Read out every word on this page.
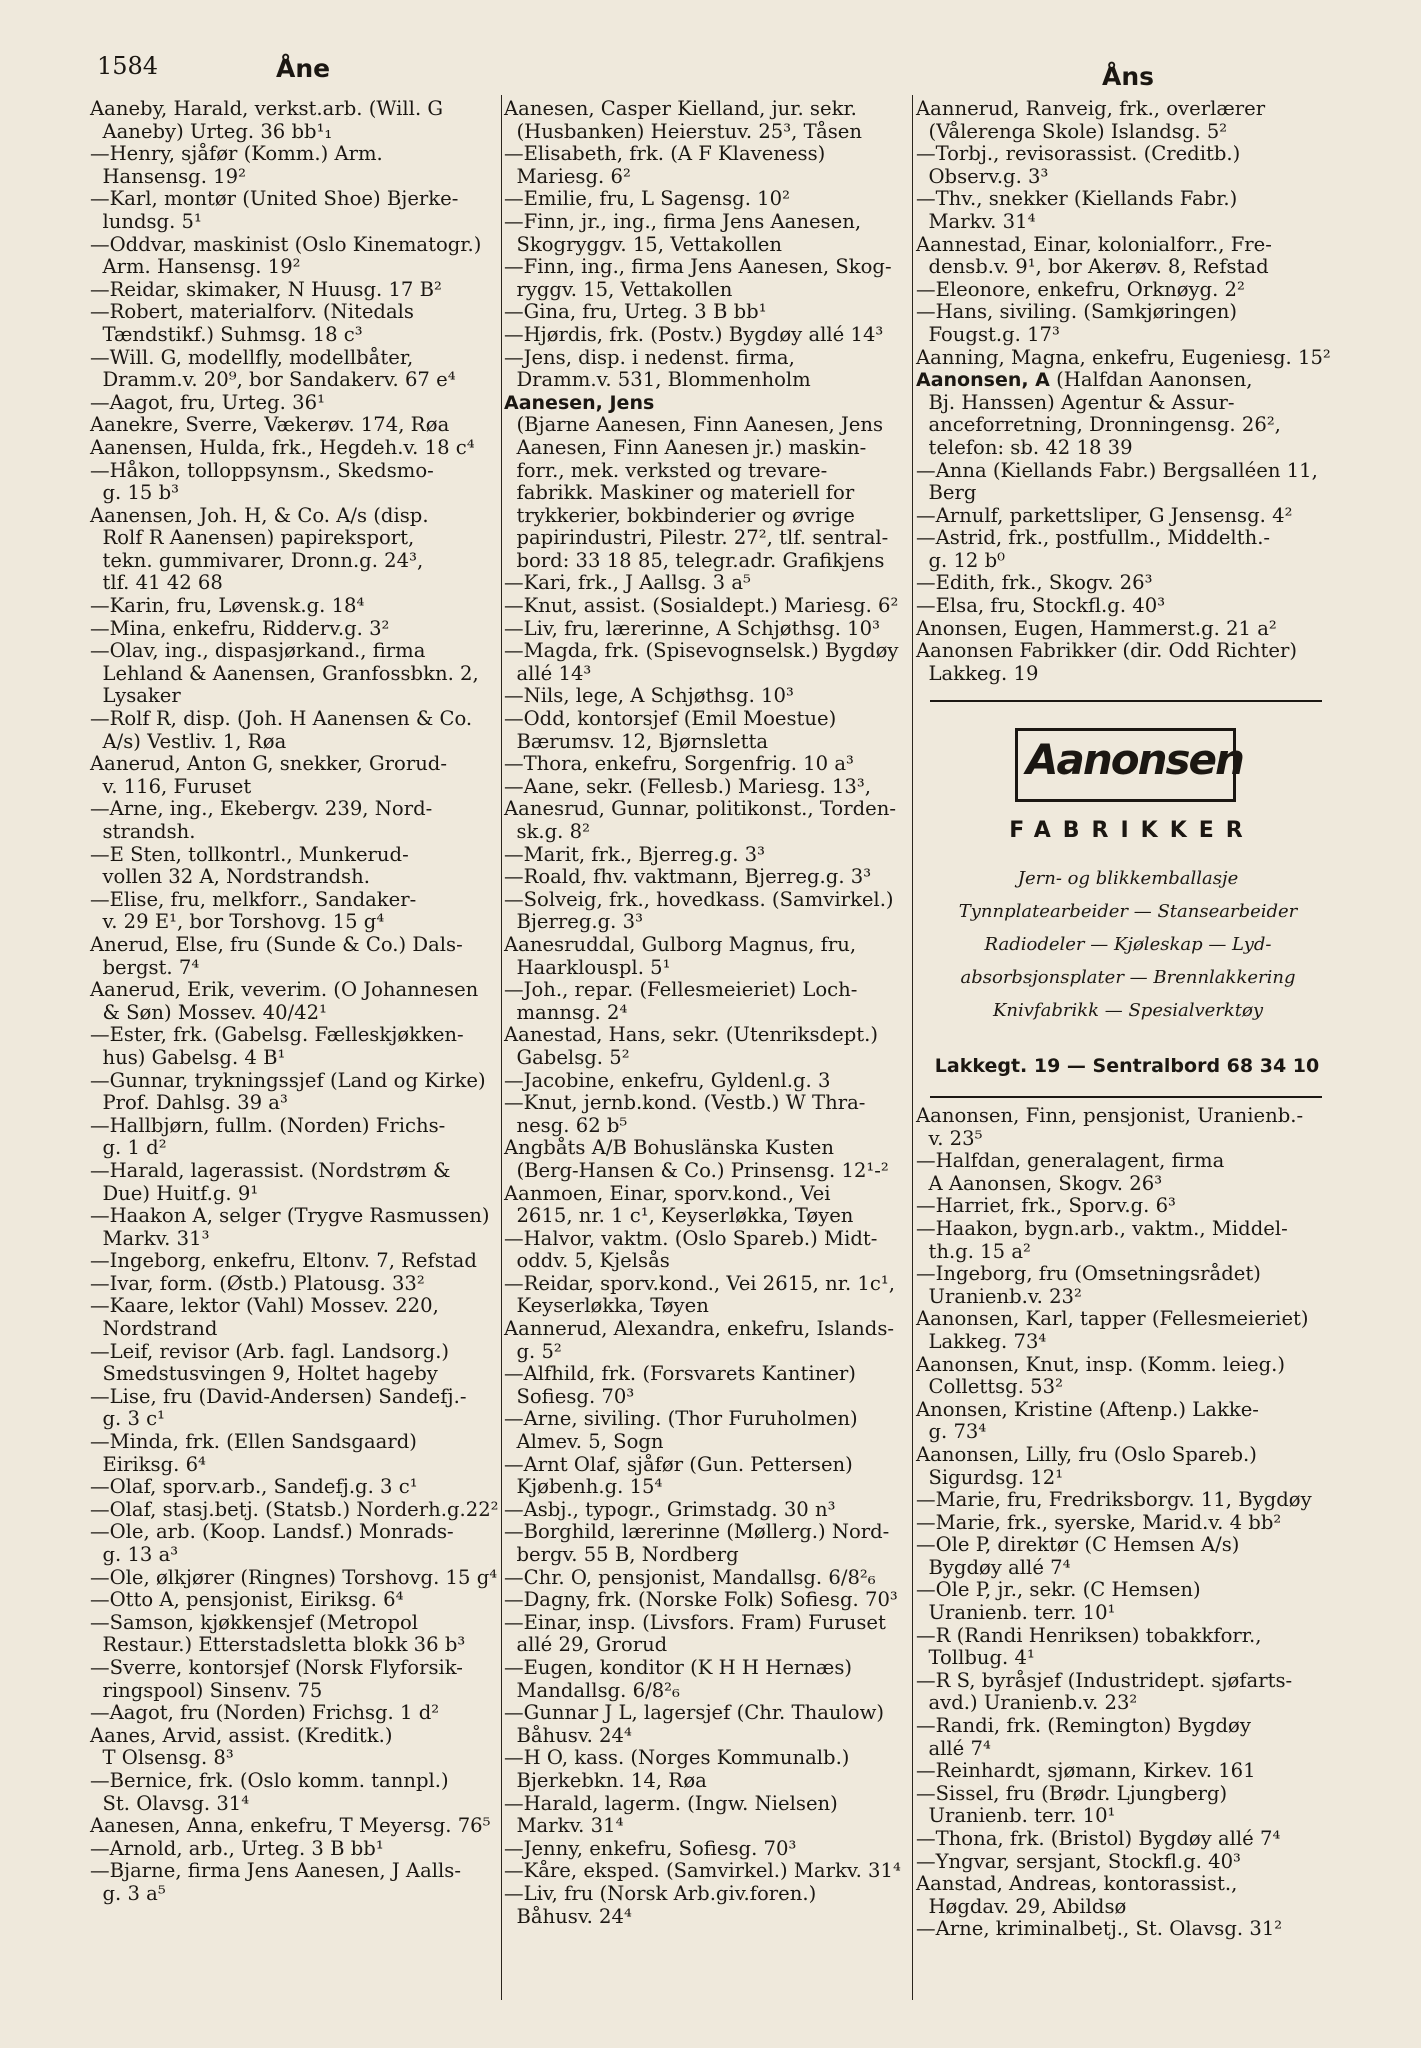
1584	Åne	Åns
Aaneby, Harald, verkst.arb. (Will. G
Aaneby) Urteg. 36 bb¹₁
—Henry, sjåfør (Komm.) Arm.
Hansensg. 19²
—Karl, montør (United Shoe) Bjerke-
lundsg. 5¹
—Oddvar, maskinist (Oslo Kinematogr.)
Arm. Hansensg. 19²
—Reidar, skimaker, N Huusg. 17 B²
—Robert, materialforv. (Nitedals
Tændstikf.) Suhmsg. 18 c³
—Will. G, modellfly, modellbåter,
Dramm.v. 20⁹, bor Sandakerv. 67 e⁴
—Aagot, fru, Urteg. 36¹
Aanekre, Sverre, Vækerøv. 174, Røa
Aanensen, Hulda, frk., Hegdeh.v. 18 c⁴
—Håkon, tolloppsynsm., Skedsmo-
g. 15 b³
Aanensen, Joh. H, & Co. A/s (disp.
Rolf R Aanensen) papireksport,
tekn. gummivarer, Dronn.g. 24³,
tlf. 41 42 68
—Karin, fru, Løvensk.g. 18⁴
—Mina, enkefru, Ridderv.g. 3²
—Olav, ing., dispasjørkand., firma
Lehland & Aanensen, Granfossbkn. 2,
Lysaker
—Rolf R, disp. (Joh. H Aanensen & Co.
A/s) Vestliv. 1, Røa
Aanerud, Anton G, snekker, Grorud-
v. 116, Furuset
—Arne, ing., Ekebergv. 239, Nord-
strandsh.
—E Sten, tollkontrl., Munkerud-
vollen 32 A, Nordstrandsh.
—Elise, fru, melkforr., Sandaker-
v. 29 E¹, bor Torshovg. 15 g⁴
Anerud, Else, fru (Sunde & Co.) Dals-
bergst. 7⁴
Aanerud, Erik, veverim. (O Johannesen
& Søn) Mossev. 40/42¹
—Ester, frk. (Gabelsg. Fælleskjøkken-
hus) Gabelsg. 4 B¹
—Gunnar, trykningssjef (Land og Kirke)
Prof. Dahlsg. 39 a³
—Hallbjørn, fullm. (Norden) Frichs-
g. 1 d²
—Harald, lagerassist. (Nordstrøm &
Due) Huitf.g. 9¹
—Haakon A, selger (Trygve Rasmussen)
Markv. 31³
—Ingeborg, enkefru, Eltonv. 7, Refstad
—Ivar, form. (Østb.) Platousg. 33²
—Kaare, lektor (Vahl) Mossev. 220,
Nordstrand
—Leif, revisor (Arb. fagl. Landsorg.)
Smedstusvingen 9, Holtet hageby
—Lise, fru (David-Andersen) Sandefj.-
g. 3 c¹
—Minda, frk. (Ellen Sandsgaard)
Eiriksg. 6⁴
—Olaf, sporv.arb., Sandefj.g. 3 c¹
—Olaf, stasj.betj. (Statsb.) Norderh.g.22²
—Ole, arb. (Koop. Landsf.) Monrads-
g. 13 a³
—Ole, ølkjører (Ringnes) Torshovg. 15 g⁴
—Otto A, pensjonist, Eiriksg. 6⁴
—Samson, kjøkkensjef (Metropol
Restaur.) Etterstadsletta blokk 36 b³
—Sverre, kontorsjef (Norsk Flyforsik-
ringspool) Sinsenv. 75
—Aagot, fru (Norden) Frichsg. 1 d²
Aanes, Arvid, assist. (Kreditk.)
T Olsensg. 8³
—Bernice, frk. (Oslo komm. tannpl.)
St. Olavsg. 31⁴
Aanesen, Anna, enkefru, T Meyersg. 76⁵
—Arnold, arb., Urteg. 3 B bb¹
—Bjarne, firma Jens Aanesen, J Aalls-
g. 3 a⁵
Aanesen, Casper Kielland, jur. sekr.
(Husbanken) Heierstuv. 25³, Tåsen
—Elisabeth, frk. (A F Klaveness)
Mariesg. 6²
—Emilie, fru, L Sagensg. 10²
—Finn, jr., ing., firma Jens Aanesen,
Skogryggv. 15, Vettakollen
—Finn, ing., firma Jens Aanesen, Skog-
ryggv. 15, Vettakollen
—Gina, fru, Urteg. 3 B bb¹
—Hjørdis, frk. (Postv.) Bygdøy allé 14³
—Jens, disp. i nedenst. firma,
Dramm.v. 531, Blommenholm
Aanesen, Jens
(Bjarne Aanesen, Finn Aanesen, Jens
Aanesen, Finn Aanesen jr.) maskin-
forr., mek. verksted og trevare-
fabrikk. Maskiner og materiell for
trykkerier, bokbinderier og øvrige
papirindustri, Pilestr. 27², tlf. sentral-
bord: 33 18 85, telegr.adr. Grafikjens
—Kari, frk., J Aallsg. 3 a⁵
—Knut, assist. (Sosialdept.) Mariesg. 6²
—Liv, fru, lærerinne, A Schjøthsg. 10³
—Magda, frk. (Spisevognselsk.) Bygdøy
allé 14³
—Nils, lege, A Schjøthsg. 10³
—Odd, kontorsjef (Emil Moestue)
Bærumsv. 12, Bjørnsletta
—Thora, enkefru, Sorgenfrig. 10 a³
—Aane, sekr. (Fellesb.) Mariesg. 13³,
Aanesrud, Gunnar, politikonst., Torden-
sk.g. 8²
—Marit, frk., Bjerreg.g. 3³
—Roald, fhv. vaktmann, Bjerreg.g. 3³
—Solveig, frk., hovedkass. (Samvirkel.)
Bjerreg.g. 3³
Aanesruddal, Gulborg Magnus, fru,
Haarklouspl. 5¹
—Joh., repar. (Fellesmeieriet) Loch-
mannsg. 2⁴
Aanestad, Hans, sekr. (Utenriksdept.)
Gabelsg. 5²
—Jacobine, enkefru, Gyldenl.g. 3
—Knut, jernb.kond. (Vestb.) W Thra-
nesg. 62 b⁵
Angbåts A/B Bohuslänska Kusten
(Berg-Hansen & Co.) Prinsensg. 12¹-²
Aanmoen, Einar, sporv.kond., Vei
2615, nr. 1 c¹, Keyserløkka, Tøyen
—Halvor, vaktm. (Oslo Spareb.) Midt-
oddv. 5, Kjelsås
—Reidar, sporv.kond., Vei 2615, nr. 1c¹,
Keyserløkka, Tøyen
Aannerud, Alexandra, enkefru, Islands-
g. 5²
—Alfhild, frk. (Forsvarets Kantiner)
Sofiesg. 70³
—Arne, siviling. (Thor Furuholmen)
Almev. 5, Sogn
—Arnt Olaf, sjåfør (Gun. Pettersen)
Kjøbenh.g. 15⁴
—Asbj., typogr., Grimstadg. 30 n³
—Borghild, lærerinne (Møllerg.) Nord-
bergv. 55 B, Nordberg
—Chr. O, pensjonist, Mandallsg. 6/8²₆
—Dagny, frk. (Norske Folk) Sofiesg. 70³
—Einar, insp. (Livsfors. Fram) Furuset
allé 29, Grorud
—Eugen, konditor (K H H Hernæs)
Mandallsg. 6/8²₆
—Gunnar J L, lagersjef (Chr. Thaulow)
Båhusv. 24⁴
—H O, kass. (Norges Kommunalb.)
Bjerkebkn. 14, Røa
—Harald, lagerm. (Ingw. Nielsen)
Markv. 31⁴
—Jenny, enkefru, Sofiesg. 70³
—Kåre, eksped. (Samvirkel.) Markv. 31⁴
—Liv, fru (Norsk Arb.giv.foren.)
Båhusv. 24⁴
Aannerud, Ranveig, frk., overlærer
(Vålerenga Skole) Islandsg. 5²
—Torbj., revisorassist. (Creditb.)
Observ.g. 3³
—Thv., snekker (Kiellands Fabr.)
Markv. 31⁴
Aannestad, Einar, kolonialforr., Fre-
densb.v. 9¹, bor Akerøv. 8, Refstad
—Eleonore, enkefru, Orknøyg. 2²
—Hans, siviling. (Samkjøringen)
Fougst.g. 17³
Aanning, Magna, enkefru, Eugeniesg. 15²
Aanonsen, A (Halfdan Aanonsen,
Bj. Hanssen) Agentur & Assur-
anceforretning, Dronningensg. 26²,
telefon: sb. 42 18 39
—Anna (Kiellands Fabr.) Bergsalléen 11,
Berg
—Arnulf, parkettsliper, G Jensensg. 4²
—Astrid, frk., postfullm., Middelth.-
g. 12 b⁰
—Edith, frk., Skogv. 26³
—Elsa, fru, Stockfl.g. 40³
Anonsen, Eugen, Hammerst.g. 21 a²
Aanonsen Fabrikker (dir. Odd Richter)
Lakkeg. 19
Aanonsen
FABRIKKER
Jern- og blikkemballasje
Tynnplatearbeider — Stansearbeider
Radiodeler — Kjøleskap — Lyd-
absorbsjonsplater — Brennlakkering
Knivfabrikk — Spesialverktøy
Lakkegt. 19 — Sentralbord 68 34 10
Aanonsen, Finn, pensjonist, Uranienb.-
v. 23⁵
—Halfdan, generalagent, firma
A Aanonsen, Skogv. 26³
—Harriet, frk., Sporv.g. 6³
—Haakon, bygn.arb., vaktm., Middel-
th.g. 15 a²
—Ingeborg, fru (Omsetningsrådet)
Uranienb.v. 23²
Aanonsen, Karl, tapper (Fellesmeieriet)
Lakkeg. 73⁴
Aanonsen, Knut, insp. (Komm. leieg.)
Collettsg. 53²
Anonsen, Kristine (Aftenp.) Lakke-
g. 73⁴
Aanonsen, Lilly, fru (Oslo Spareb.)
Sigurdsg. 12¹
—Marie, fru, Fredriksborgv. 11, Bygdøy
—Marie, frk., syerske, Marid.v. 4 bb²
—Ole P, direktør (C Hemsen A/s)
Bygdøy allé 7⁴
—Ole P, jr., sekr. (C Hemsen)
Uranienb. terr. 10¹
—R (Randi Henriksen) tobakkforr.,
Tollbug. 4¹
—R S, byråsjef (Industridept. sjøfarts-
avd.) Uranienb.v. 23²
—Randi, frk. (Remington) Bygdøy
allé 7⁴
—Reinhardt, sjømann, Kirkev. 161
—Sissel, fru (Brødr. Ljungberg)
Uranienb. terr. 10¹
—Thona, frk. (Bristol) Bygdøy allé 7⁴
—Yngvar, sersjant, Stockfl.g. 40³
Aanstad, Andreas, kontorassist.,
Høgdav. 29, Abildsø
—Arne, kriminalbetj., St. Olavsg. 31²
